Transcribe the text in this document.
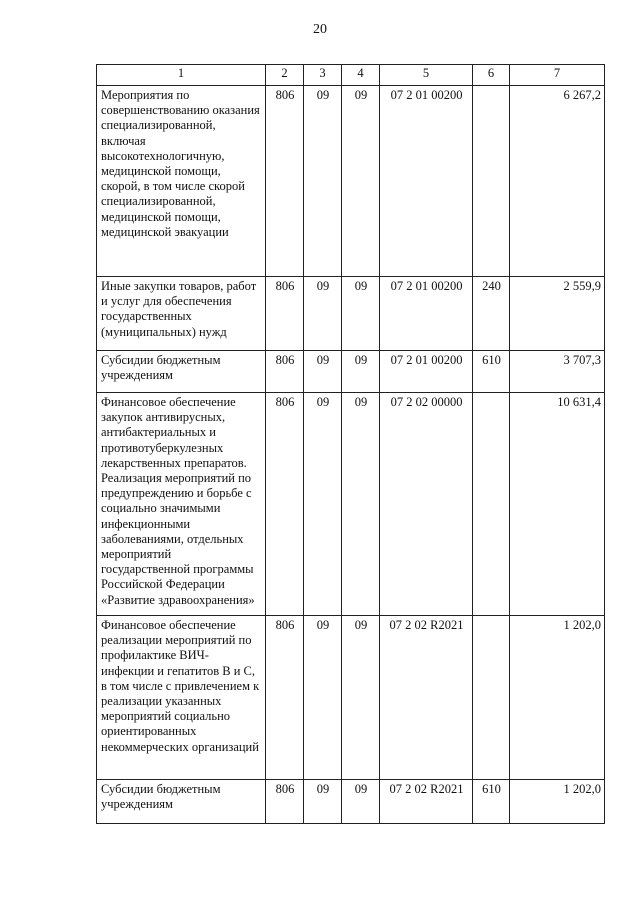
20
1	2	3	4	5	6	7
Мероприятия по совершенствованию оказания специализированной, включая высокотехнологичную, медицинской помощи, скорой, в том числе скорой специализированной, медицинской помощи, медицинской эвакуации	806	09	09	07 2 01 00200		6 267,2
Иные закупки товаров, работ и услуг для обеспечения государственных (муниципальных) нужд	806	09	09	07 2 01 00200	240	2 559,9
Субсидии бюджетным учреждениям	806	09	09	07 2 01 00200	610	3 707,3
Финансовое обеспечение закупок антивирусных, антибактериальных и противотуберкулезных лекарственных препаратов. Реализация мероприятий по предупреждению и борьбе с социально значимыми инфекционными заболеваниями, отдельных мероприятий государственной программы Российской Федерации «Развитие здравоохранения»	806	09	09	07 2 02 00000		10 631,4
Финансовое обеспечение реализации мероприятий по профилактике ВИЧ-инфекции и гепатитов В и С, в том числе с привлечением к реализации указанных мероприятий социально ориентированных некоммерческих организаций	806	09	09	07 2 02 R2021		1 202,0
Субсидии бюджетным учреждениям	806	09	09	07 2 02 R2021	610	1 202,0
